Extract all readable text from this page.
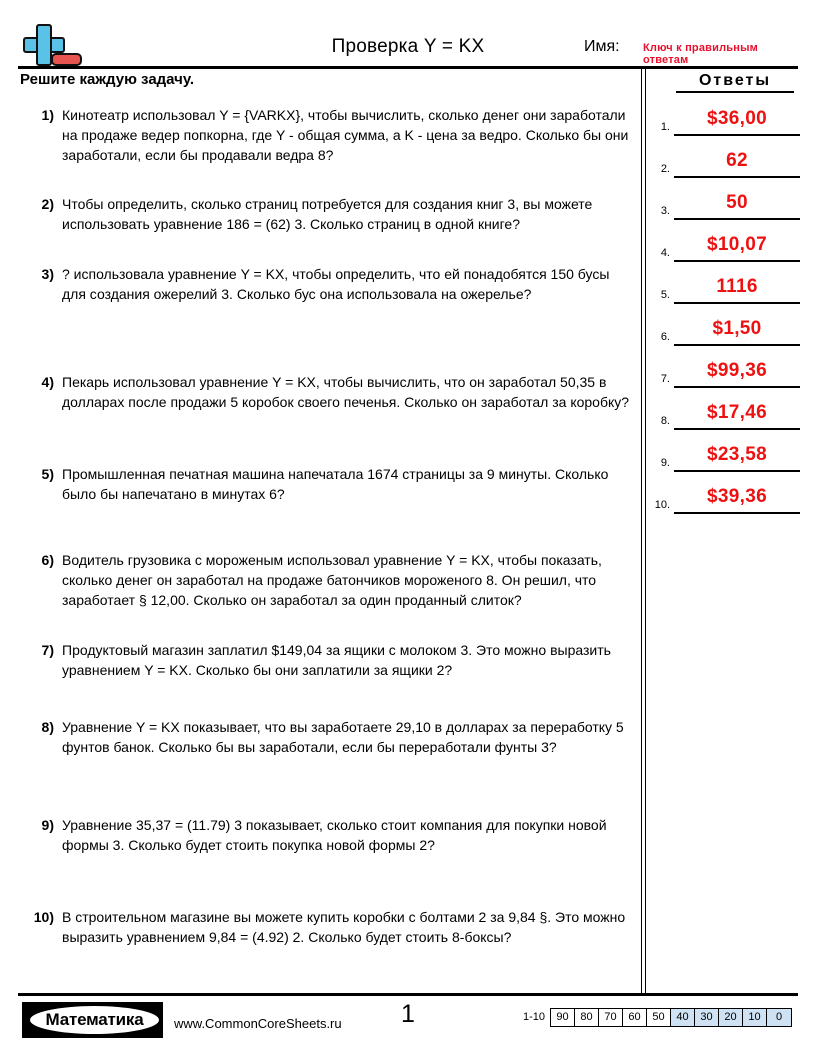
Проверка Y = KX	Имя: Ключ к правильным ответам
Решите каждую задачу.
1) Кинотеатр использовал Y = {VARKX}, чтобы вычислить, сколько денег они заработали на продаже ведер попкорна, где Y - общая сумма, а K - цена за ведро. Сколько бы они заработали, если бы продавали ведра 8?
2) Чтобы определить, сколько страниц потребуется для создания книг 3, вы можете использовать уравнение 186 = (62) 3. Сколько страниц в одной книге?
3) ? использовала уравнение Y = KX, чтобы определить, что ей понадобятся 150 бусы для создания ожерелий 3. Сколько бус она использовала на ожерелье?
4) Пекарь использовал уравнение Y = KX, чтобы вычислить, что он заработал 50,35 в долларах после продажи 5 коробок своего печенья. Сколько он заработал за коробку?
5) Промышленная печатная машина напечатала 1674 страницы за 9 минуты. Сколько было бы напечатано в минутах 6?
6) Водитель грузовика с мороженым использовал уравнение Y = KX, чтобы показать, сколько денег он заработал на продаже батончиков мороженого 8. Он решил, что заработает § 12,00. Сколько он заработал за один проданный слиток?
7) Продуктовый магазин заплатил $149,04 за ящики с молоком 3. Это можно выразить уравнением Y = KX. Сколько бы они заплатили за ящики 2?
8) Уравнение Y = KX показывает, что вы заработаете 29,10 в долларах за переработку 5 фунтов банок. Сколько бы вы заработали, если бы переработали фунты 3?
9) Уравнение 35,37 = (11.79) 3 показывает, сколько стоит компания для покупки новой формы 3. Сколько будет стоить покупка новой формы 2?
10) В строительном магазине вы можете купить коробки с болтами 2 за 9,84 §. Это можно выразить уравнением 9,84 = (4.92) 2. Сколько будет стоить 8-боксы?
Ответы
1.	$36,00
2.	62
3.	50
4.	$10,07
5.	1116
6.	$1,50
7.	$99,36
8.	$17,46
9.	$23,58
10.	$39,36
Математика www.CommonCoreSheets.ru	1	1-10	90	80	70	60	50	40	30	20	10	0
